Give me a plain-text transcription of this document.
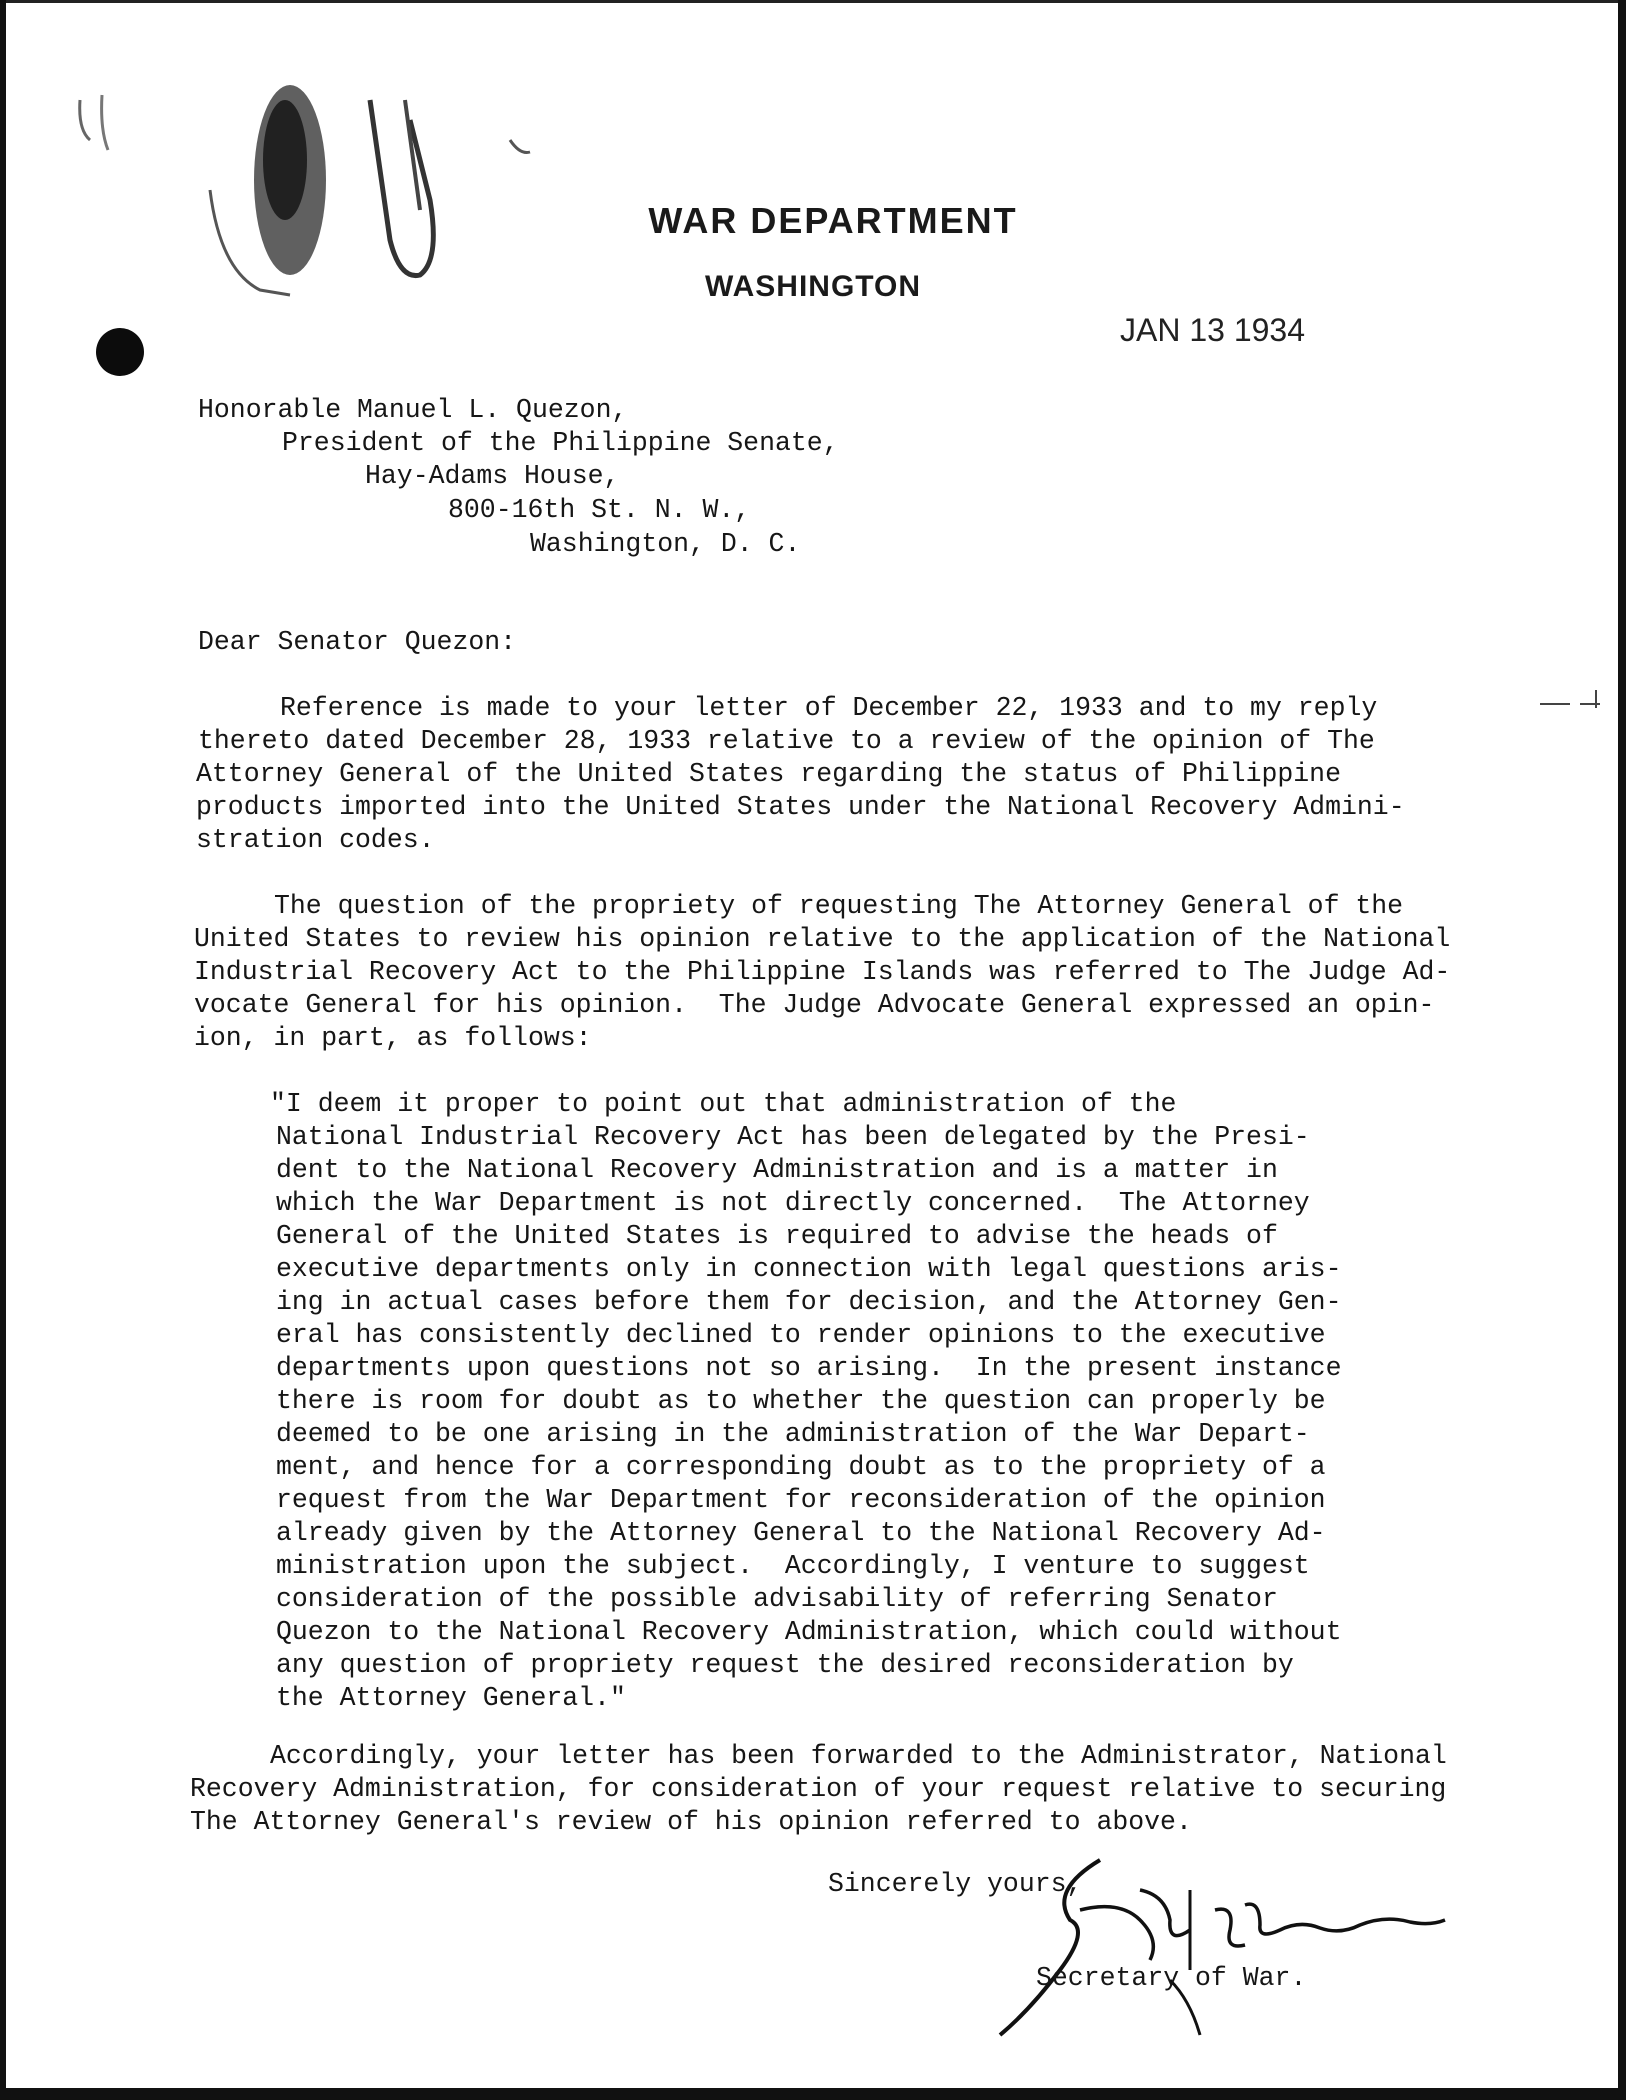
WAR DEPARTMENT
WASHINGTON
JAN 13 1934
Honorable Manuel L. Quezon,
President of the Philippine Senate,
Hay-Adams House,
800-16th St. N. W.,
Washington, D. C.
Dear Senator Quezon:
Reference is made to your letter of December 22, 1933 and to my reply
thereto dated December 28, 1933 relative to a review of the opinion of The
Attorney General of the United States regarding the status of Philippine
products imported into the United States under the National Recovery Admini-
stration codes.
The question of the propriety of requesting The Attorney General of the
United States to review his opinion relative to the application of the National
Industrial Recovery Act to the Philippine Islands was referred to The Judge Ad-
vocate General for his opinion.  The Judge Advocate General expressed an opin-
ion, in part, as follows:
"I deem it proper to point out that administration of the
National Industrial Recovery Act has been delegated by the Presi-
dent to the National Recovery Administration and is a matter in
which the War Department is not directly concerned.  The Attorney
General of the United States is required to advise the heads of
executive departments only in connection with legal questions aris-
ing in actual cases before them for decision, and the Attorney Gen-
eral has consistently declined to render opinions to the executive
departments upon questions not so arising.  In the present instance
there is room for doubt as to whether the question can properly be
deemed to be one arising in the administration of the War Depart-
ment, and hence for a corresponding doubt as to the propriety of a
request from the War Department for reconsideration of the opinion
already given by the Attorney General to the National Recovery Ad-
ministration upon the subject.  Accordingly, I venture to suggest
consideration of the possible advisability of referring Senator
Quezon to the National Recovery Administration, which could without
any question of propriety request the desired reconsideration by
the Attorney General."
Accordingly, your letter has been forwarded to the Administrator, National
Recovery Administration, for consideration of your request relative to securing
The Attorney General's review of his opinion referred to above.
Sincerely yours,
Secretary of War.
